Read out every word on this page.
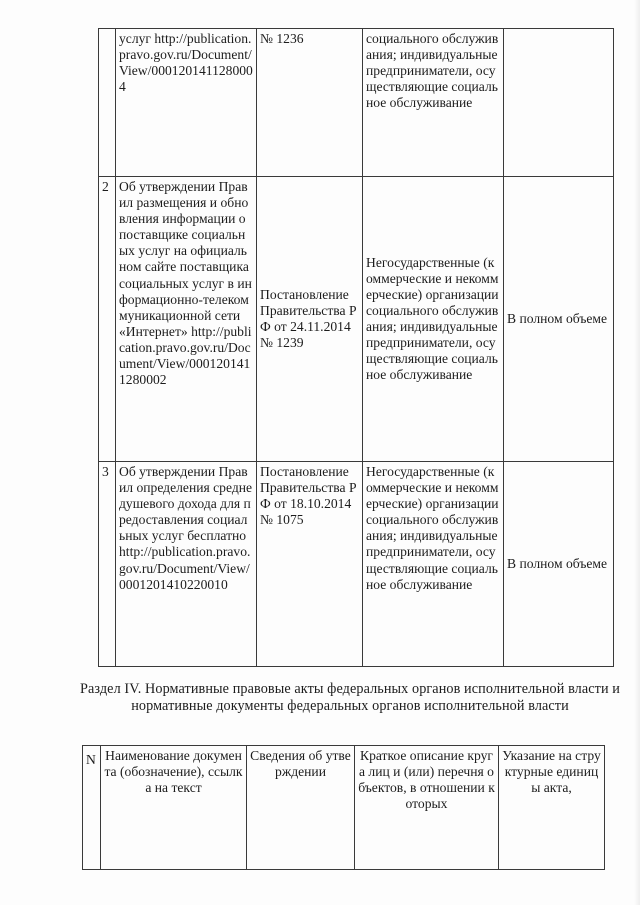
	услуг http://publication.pravo.gov.ru/Document/View/0001201411280004	№ 1236	социального обслуживания; индивидуальные предприниматели, осуществляющие социальное обслуживание	
2	Об утверждении Правил размещения и обновления информации о поставщике социальных услуг на официальном сайте поставщика социальных услуг в информационно-телекоммуникационной сети «Интернет» http://publication.pravo.gov.ru/Document/View/0001201411280002	Постановление Правительства РФ от 24.11.2014 № 1239	Негосударственные (коммерческие и некоммерческие) организации социального обслуживания; индивидуальные предприниматели, осуществляющие социальное обслуживание	В полном объеме
3	Об утверждении Правил определения среднедушевого дохода для предоставления социальных услуг бесплатно http://publication.pravo.gov.ru/Document/View/0001201410220010	Постановление Правительства РФ от 18.10.2014 № 1075	Негосударственные (коммерческие и некоммерческие) организации социального обслуживания; индивидуальные предприниматели, осуществляющие социальное обслуживание	В полном объеме
Раздел IV. Нормативные правовые акты федеральных органов исполнительной власти и нормативные документы федеральных органов исполнительной власти
N	Наименование документа (обозначение), ссылка на текст	Сведения об утверждении	Краткое описание круга лиц и (или) перечня объектов, в отношении которых	Указание на структурные единицы акта,
